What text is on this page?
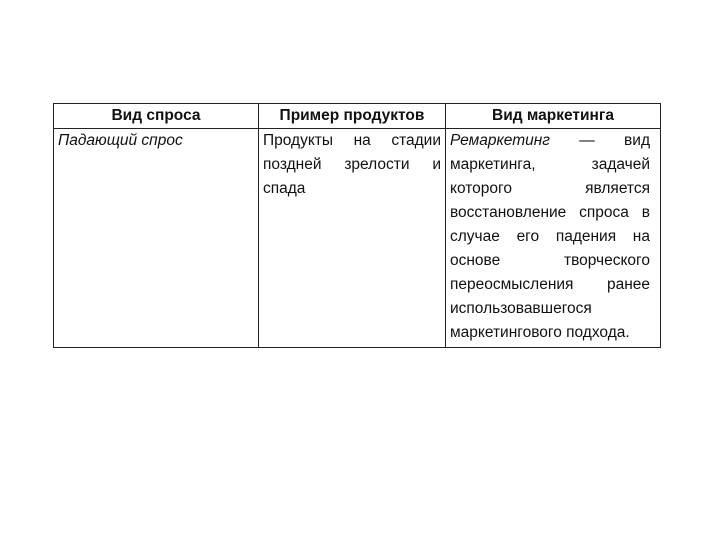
Вид спроса	Пример продуктов	Вид маркетинга
Падающий спрос	Продукты на стадии поздней зрелости и спада	Ремаркетинг — вид маркетинга, задачей которого является восстановление спроса в случае его падения на основе творческого переосмысления ранее использовавшегося маркетингового подхода.
